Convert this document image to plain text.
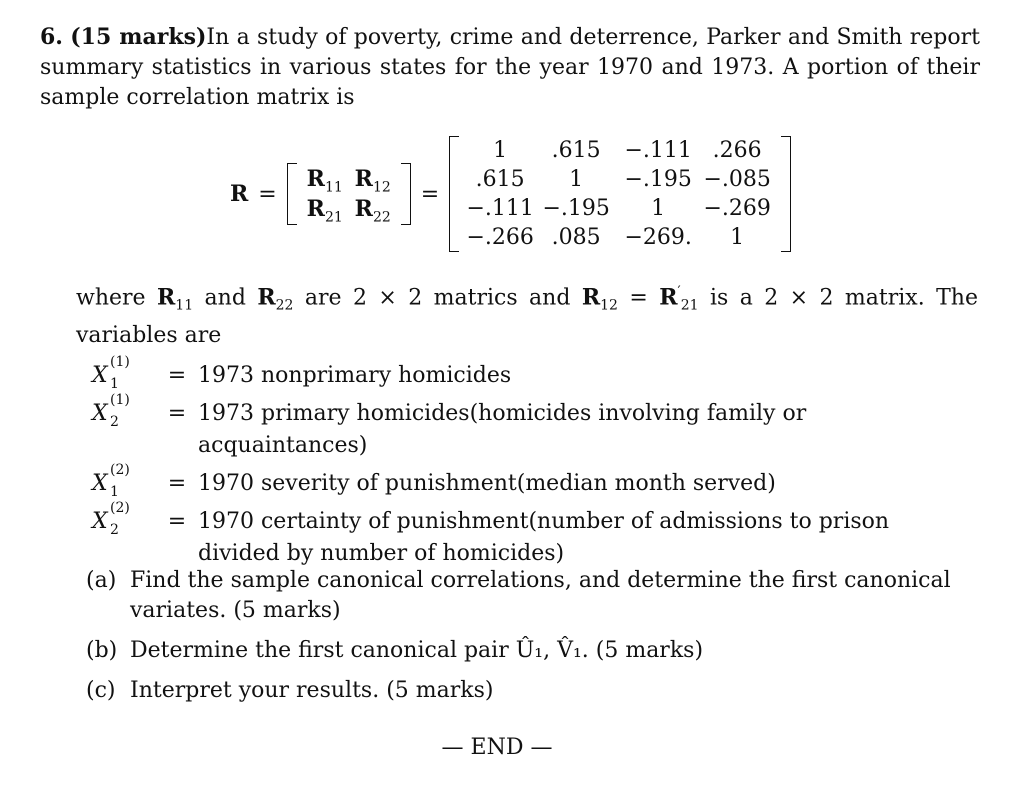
6. (15 marks)In a study of poverty, crime and deterrence, Parker and Smith report summary statistics in various states for the year 1970 and 1973. A portion of their sample correlation matrix is
R =
$R_{11}$ $R_{12}$
$R_{21}$ $R_{22}$
=
1	.615	−.111 .266
.615	1	−.195 −.085
−.111 −.195	1	−.269
−.266 .085	−269.	1
where $R_{11}$ and $R_{22}$ are 2 × 2 matrics and $R_{12} = R'_{21}$ is a 2 × 2 matrix. The variables are
X
(1)
1	= 1973 nonprimary homicides
X
(1)
2	= 1973 primary homicides(homicides involving family or acquaintances)
X
(2)
1	= 1970 severity of punishment(median month served)
X
(2)
2	= 1970 certainty of punishment(number of admissions to prison divided by number of homicides)
(a) Find the sample canonical correlations, and determine the first canonical variates. (5 marks)
(b) Determine the first canonical pair Û₁, V̂₁. (5 marks)
(c) Interpret your results. (5 marks)
— END —
